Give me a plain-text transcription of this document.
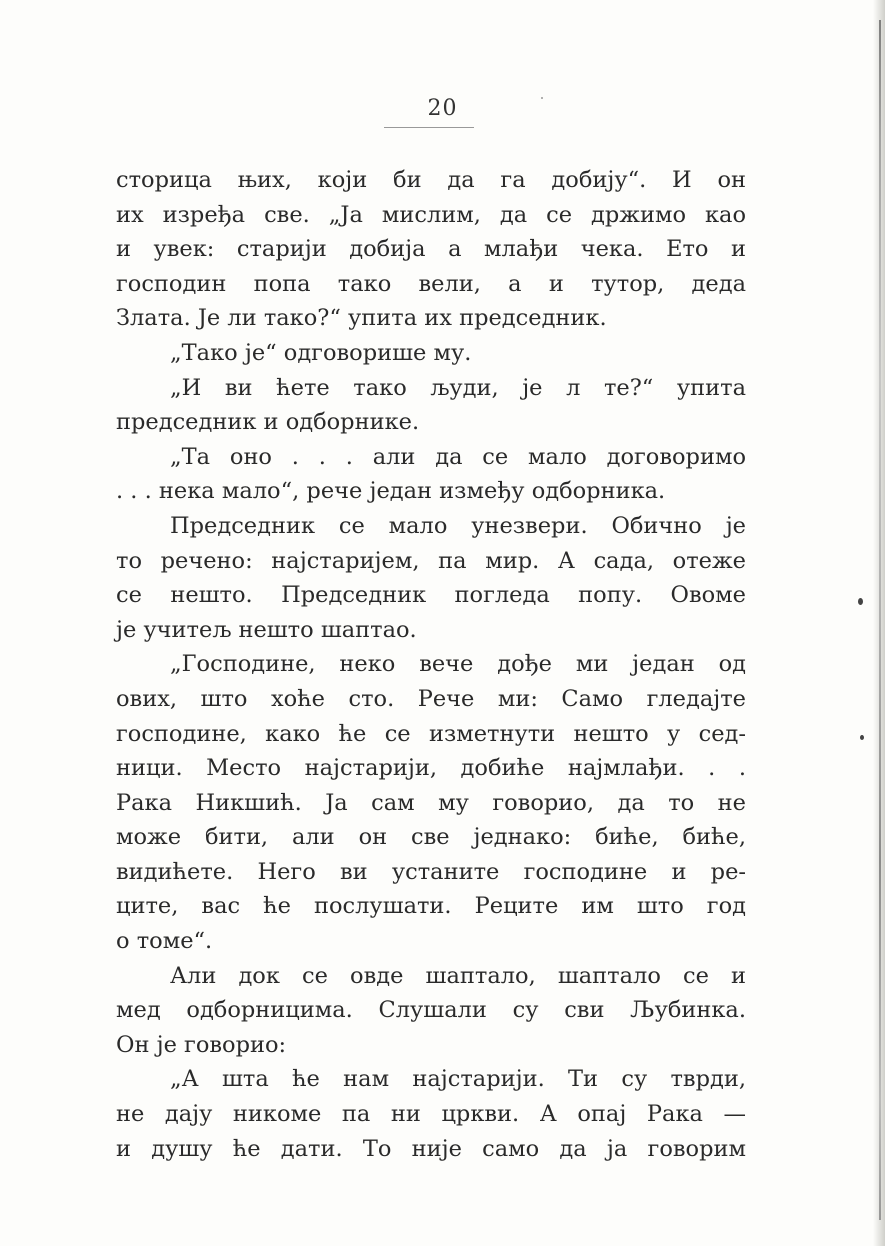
20
сторица њих, који би да га добију“. И он
их изређа све. „Ја мислим, да се држимо као
и увек: старији добија а млађи чека. Ето и
господин попа тако вели, а и тутор, деда
Злата. Је ли тако?“ упита их председник.
„Тако је“ одговорише му.
„И ви ћете тако људи, је л те?“ упита
председник и одборнике.
„Та оно . . . али да се мало договоримо
. . . нека мало“, рече један између одборника.
Председник се мало унезвери. Обично је
то речено: најстаријем, па мир. А сада, отеже
се нешто. Председник погледа попу. Овоме
је учитељ нешто шаптао.
„Господине, неко вече дође ми један од
ових, што хоће сто. Рече ми: Само гледајте
господине, како ће се изметнути нешто у сед-
ници. Место најстарији, добиће најмлађи. . .
Рака Никшић. Ја сам му говорио, да то не
може бити, али он све једнако: биће, биће,
видићете. Него ви устаните господине и ре-
ците, вас ће послушати. Реците им што год
о томе“.
Али док се овде шаптало, шаптало се и
мед одборницима. Слушали су сви Љубинка.
Он је говорио:
„А шта ће нам најстарији. Ти су тврди,
не дају никоме па ни цркви. А опај Рака —
и душу ће дати. То није само да ја говорим
